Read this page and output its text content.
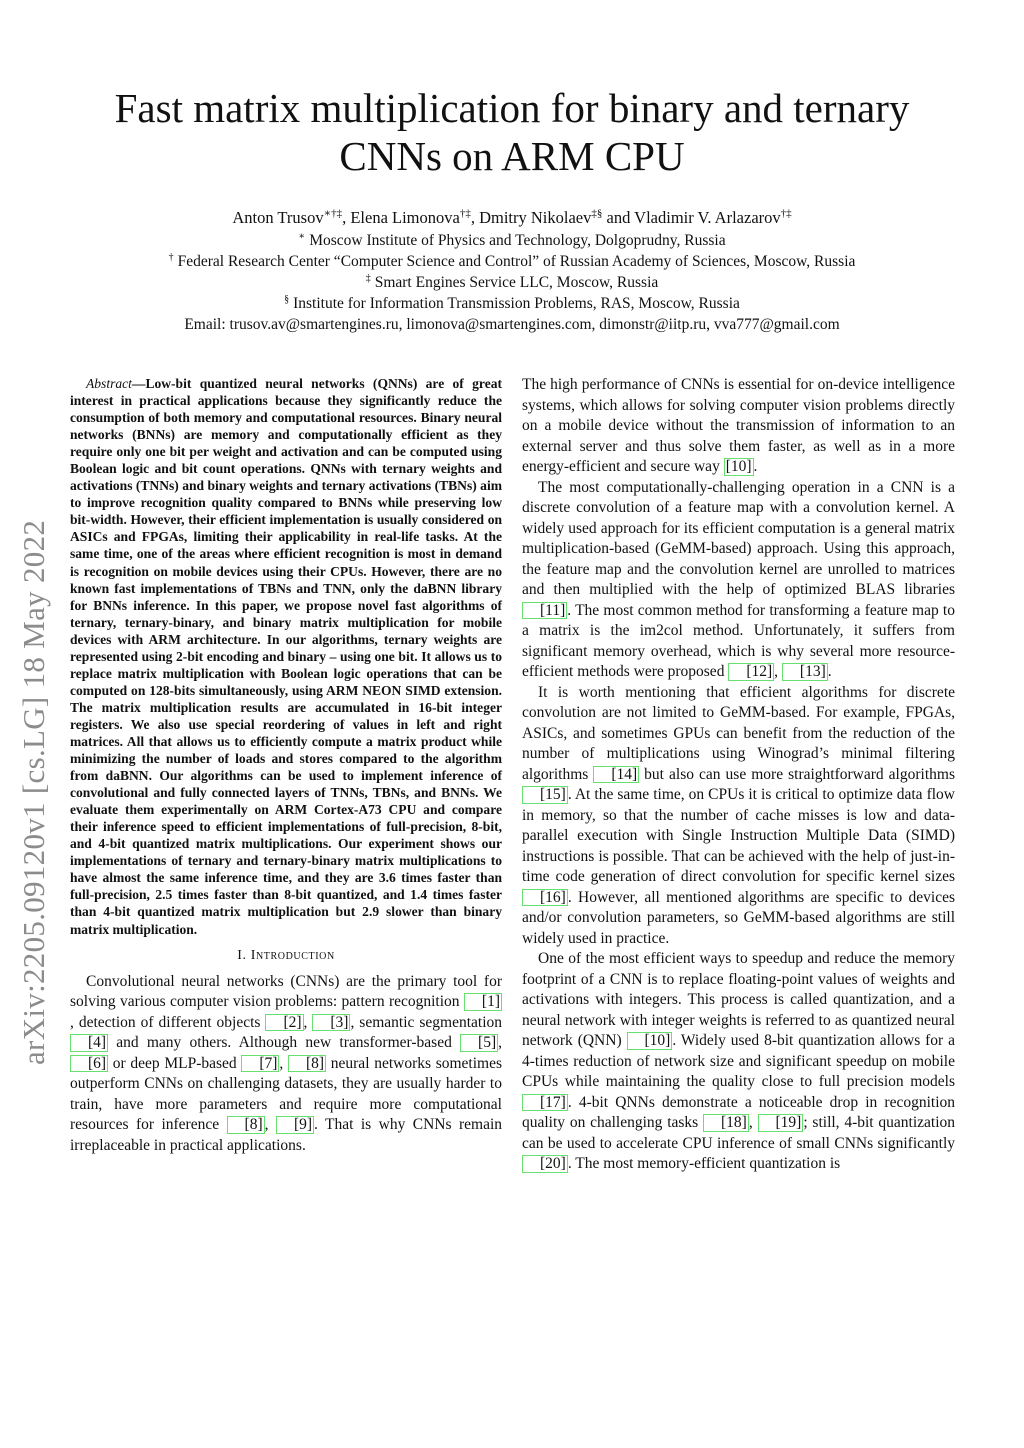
arXiv:2205.09120v1 [cs.LG] 18 May 2022
Fast matrix multiplication for binary and ternary CNNs on ARM CPU
Anton Trusov∗†‡, Elena Limonova†‡, Dmitry Nikolaev‡§ and Vladimir V. Arlazarov†‡
∗ Moscow Institute of Physics and Technology, Dolgoprudny, Russia
† Federal Research Center “Computer Science and Control” of Russian Academy of Sciences, Moscow, Russia
‡ Smart Engines Service LLC, Moscow, Russia
§ Institute for Information Transmission Problems, RAS, Moscow, Russia
Email: trusov.av@smartengines.ru, limonova@smartengines.com, dimonstr@iitp.ru, vva777@gmail.com

Abstract—Low-bit quantized neural networks (QNNs) are of great interest in practical applications because they significantly reduce the consumption of both memory and computational resources. Binary neural networks (BNNs) are memory and computationally efficient as they require only one bit per weight and activation and can be computed using Boolean logic and bit count operations. QNNs with ternary weights and activations (TNNs) and binary weights and ternary activations (TBNs) aim to improve recognition quality compared to BNNs while preserving low bit-width. However, their efficient implementation is usually considered on ASICs and FPGAs, limiting their applicability in real-life tasks. At the same time, one of the areas where efficient recognition is most in demand is recognition on mobile devices using their CPUs. However, there are no known fast implementations of TBNs and TNN, only the daBNN library for BNNs inference. In this paper, we propose novel fast algorithms of ternary, ternary-binary, and binary matrix multiplication for mobile devices with ARM architecture. In our algorithms, ternary weights are represented using 2-bit encoding and binary – using one bit. It allows us to replace matrix multiplication with Boolean logic operations that can be computed on 128-bits simultaneously, using ARM NEON SIMD extension. The matrix multiplication results are accumulated in 16-bit integer registers. We also use special reordering of values in left and right matrices. All that allows us to efficiently compute a matrix product while minimizing the number of loads and stores compared to the algorithm from daBNN. Our algorithms can be used to implement inference of convolutional and fully connected layers of TNNs, TBNs, and BNNs. We evaluate them experimentally on ARM Cortex-A73 CPU and compare their inference speed to efficient implementations of full-precision, 8-bit, and 4-bit quantized matrix multiplications. Our experiment shows our implementations of ternary and ternary-binary matrix multiplications to have almost the same inference time, and they are 3.6 times faster than full-precision, 2.5 times faster than 8-bit quantized, and 1.4 times faster than 4-bit quantized matrix multiplication but 2.9 slower than binary matrix multiplication.

I. Introduction

Convolutional neural networks (CNNs) are the primary tool for solving various computer vision problems: pattern recognition [1], detection of different objects [2] , [3] , semantic segmentation [4] and many others. Although new transformer-based [5] , [6] or deep MLP-based [7] , [8] neural networks sometimes outperform CNNs on challenging datasets, they are usually harder to train, have more parameters and require more computational resources for inference [8] , [9] . That is why CNNs remain irreplaceable in practical applications.

The high performance of CNNs is essential for on-device intelligence systems, which allows for solving computer vision problems directly on a mobile device without the transmission of information to an external server and thus solve them faster, as well as in a more energy-efficient and secure way [10] .

The most computationally-challenging operation in a CNN is a discrete convolution of a feature map with a convolution kernel. A widely used approach for its efficient computation is a general matrix multiplication-based (GeMM-based) approach. Using this approach, the feature map and the convolution kernel are unrolled to matrices and then multiplied with the help of optimized BLAS libraries [11] . The most common method for transforming a feature map to a matrix is the im2col method. Unfortunately, it suffers from significant memory overhead, which is why several more resource-efficient methods were proposed [12] , [13] .

It is worth mentioning that efficient algorithms for discrete convolution are not limited to GeMM-based. For example, FPGAs, ASICs, and sometimes GPUs can benefit from the reduction of the number of multiplications using Winograd’s minimal filtering algorithms [14] but also can use more straightforward algorithms [15] . At the same time, on CPUs it is critical to optimize data flow in memory, so that the number of cache misses is low and data-parallel execution with Single Instruction Multiple Data (SIMD) instructions is possible. That can be achieved with the help of just-in-time code generation of direct convolution for specific kernel sizes [16] . However, all mentioned algorithms are specific to devices and/or convolution parameters, so GeMM-based algorithms are still widely used in practice.

One of the most efficient ways to speedup and reduce the memory footprint of a CNN is to replace floating-point values of weights and activations with integers. This process is called quantization, and a neural network with integer weights is referred to as quantized neural network (QNN) [10] . Widely used 8-bit quantization allows for a 4-times reduction of network size and significant speedup on mobile CPUs while maintaining the quality close to full precision models [17] . 4-bit QNNs demonstrate a noticeable drop in recognition quality on challenging tasks [18] , [19] ; still, 4-bit quantization can be used to accelerate CPU inference of small CNNs significantly [20] . The most memory-efficient quantization is
